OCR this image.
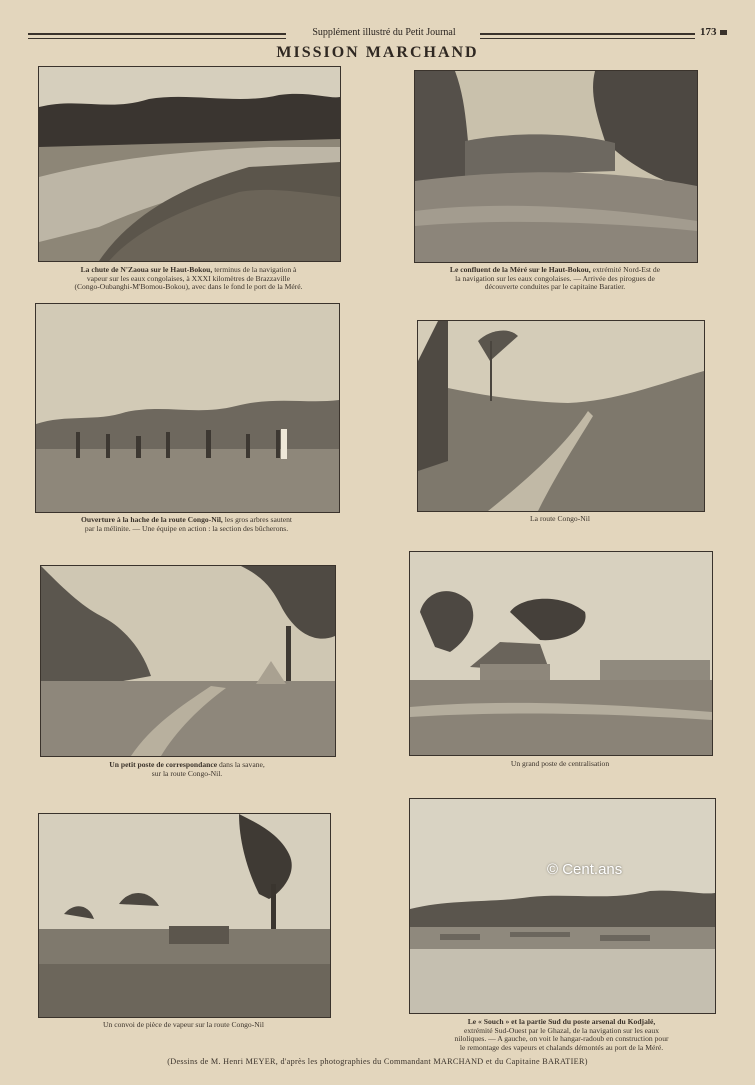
Supplément illustré du Petit Journal	173
MISSION MARCHAND
La chute de N'Zaoua sur le Haut-Bokou, terminus de la navigation à
vapeur sur les eaux congolaises, à XXXI kilomètres de Brazzaville
(Congo-Oubanghi-M'Bomou-Bokou), avec dans le fond le port de la Méré.
Le confluent de la Méré sur le Haut-Bokou, extrémité Nord-Est de
la navigation sur les eaux congolaises. — Arrivée des pirogues de
découverte conduites par le capitaine Baratier.
Ouverture à la hache de la route Congo-Nil, les gros arbres sautent
par la mélinite. — Une équipe en action : la section des bûcherons.
La route Congo-Nil
Un petit poste de correspondance dans la savane,
sur la route Congo-Nil.
Un grand poste de centralisation
Un convoi de pièce de vapeur sur la route Congo-Nil	Le « Souch » et la partie Sud du poste arsenal du Kodjalé,
extrémité Sud-Ouest par le Ghazal, de la navigation sur les eaux
niloliques. — A gauche, on voit le hangar-radoub en construction pour
le remontage des vapeurs et chalands démontés au port de la Méré.
© Cent.ans
(Dessins de M. Henri MEYER, d'après les photographies du Commandant MARCHAND et du Capitaine BARATIER)
